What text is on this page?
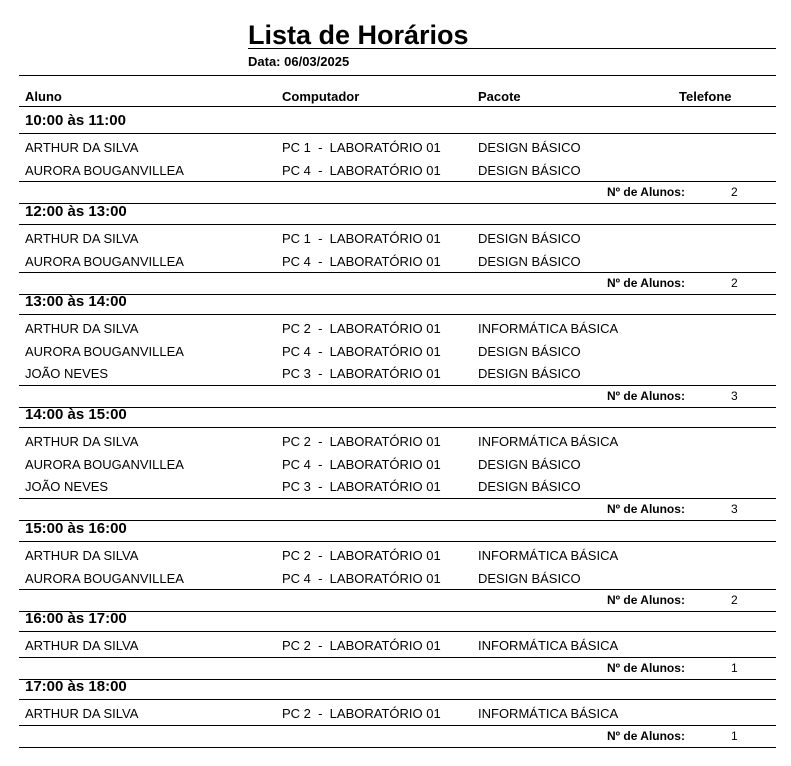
Lista de Horários
Data: 06/03/2025
Aluno	Computador	Pacote	Telefone
10:00 às 11:00
ARTHUR DA SILVA	PC 1  -  LABORATÓRIO 01	DESIGN BÁSICO
AURORA BOUGANVILLEA	PC 4  -  LABORATÓRIO 01	DESIGN BÁSICO
Nº de Alunos:	2
12:00 às 13:00
ARTHUR DA SILVA	PC 1  -  LABORATÓRIO 01	DESIGN BÁSICO
AURORA BOUGANVILLEA	PC 4  -  LABORATÓRIO 01	DESIGN BÁSICO
Nº de Alunos:	2
13:00 às 14:00
ARTHUR DA SILVA	PC 2  -  LABORATÓRIO 01	INFORMÁTICA BÁSICA
AURORA BOUGANVILLEA	PC 4  -  LABORATÓRIO 01	DESIGN BÁSICO
JOÃO NEVES	PC 3  -  LABORATÓRIO 01	DESIGN BÁSICO
Nº de Alunos:	3
14:00 às 15:00
ARTHUR DA SILVA	PC 2  -  LABORATÓRIO 01	INFORMÁTICA BÁSICA
AURORA BOUGANVILLEA	PC 4  -  LABORATÓRIO 01	DESIGN BÁSICO
JOÃO NEVES	PC 3  -  LABORATÓRIO 01	DESIGN BÁSICO
Nº de Alunos:	3
15:00 às 16:00
ARTHUR DA SILVA	PC 2  -  LABORATÓRIO 01	INFORMÁTICA BÁSICA
AURORA BOUGANVILLEA	PC 4  -  LABORATÓRIO 01	DESIGN BÁSICO
Nº de Alunos:	2
16:00 às 17:00
ARTHUR DA SILVA	PC 2  -  LABORATÓRIO 01	INFORMÁTICA BÁSICA
Nº de Alunos:	1
17:00 às 18:00
ARTHUR DA SILVA	PC 2  -  LABORATÓRIO 01	INFORMÁTICA BÁSICA
Nº de Alunos:	1
